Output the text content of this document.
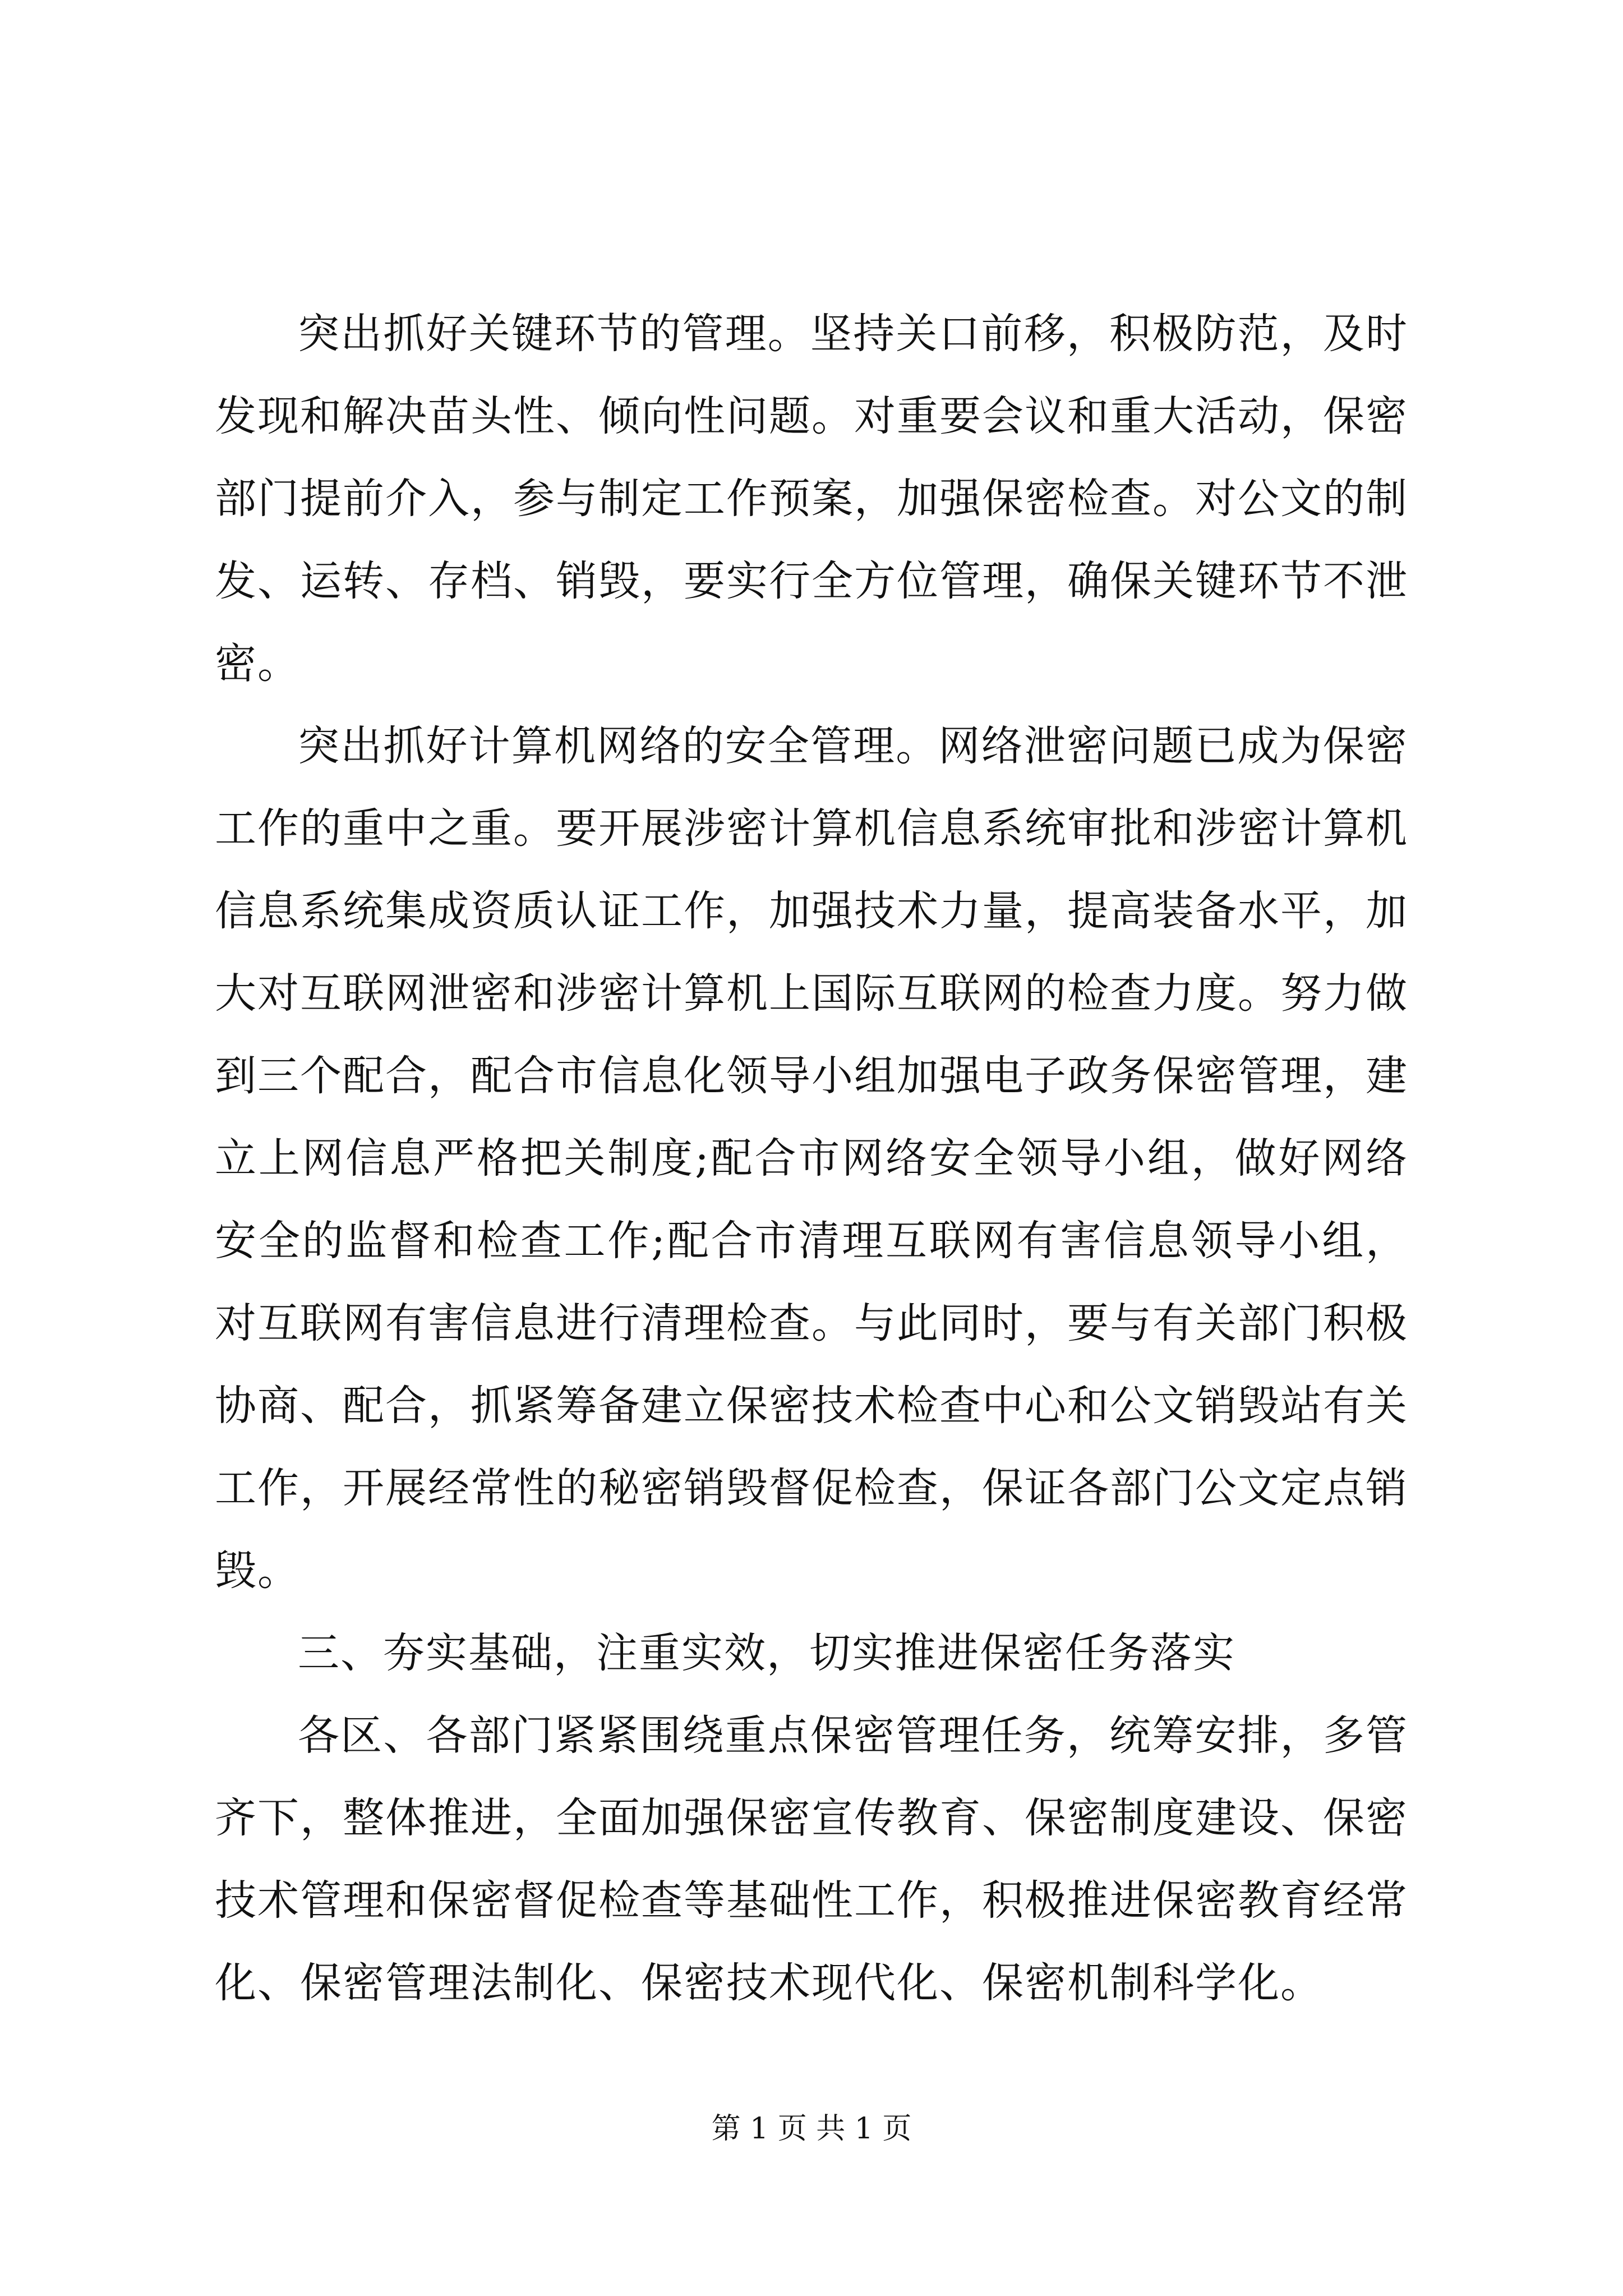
突出抓好关键环节的管理。坚持关口前移，积极防范，及时发现和解决苗头性、倾向性问题。对重要会议和重大活动，保密部门提前介入，参与制定工作预案，加强保密检查。对公文的制发、运转、存档、销毁，要实行全方位管理，确保关键环节不泄密。

突出抓好计算机网络的安全管理。网络泄密问题已成为保密工作的重中之重。要开展涉密计算机信息系统审批和涉密计算机信息系统集成资质认证工作，加强技术力量，提高装备水平，加大对互联网泄密和涉密计算机上国际互联网的检查力度。努力做到三个配合，配合市信息化领导小组加强电子政务保密管理，建立上网信息严格把关制度;配合市网络安全领导小组，做好网络安全的监督和检查工作;配合市清理互联网有害信息领导小组，对互联网有害信息进行清理检查。与此同时，要与有关部门积极协商、配合，抓紧筹备建立保密技术检查中心和公文销毁站有关工作，开展经常性的秘密销毁督促检查，保证各部门公文定点销毁。

三、夯实基础，注重实效，切实推进保密任务落实

各区、各部门紧紧围绕重点保密管理任务，统筹安排，多管齐下，整体推进，全面加强保密宣传教育、保密制度建设、保密技术管理和保密督促检查等基础性工作，积极推进保密教育经常化、保密管理法制化、保密技术现代化、保密机制科学化。

第 1 页 共 1 页
